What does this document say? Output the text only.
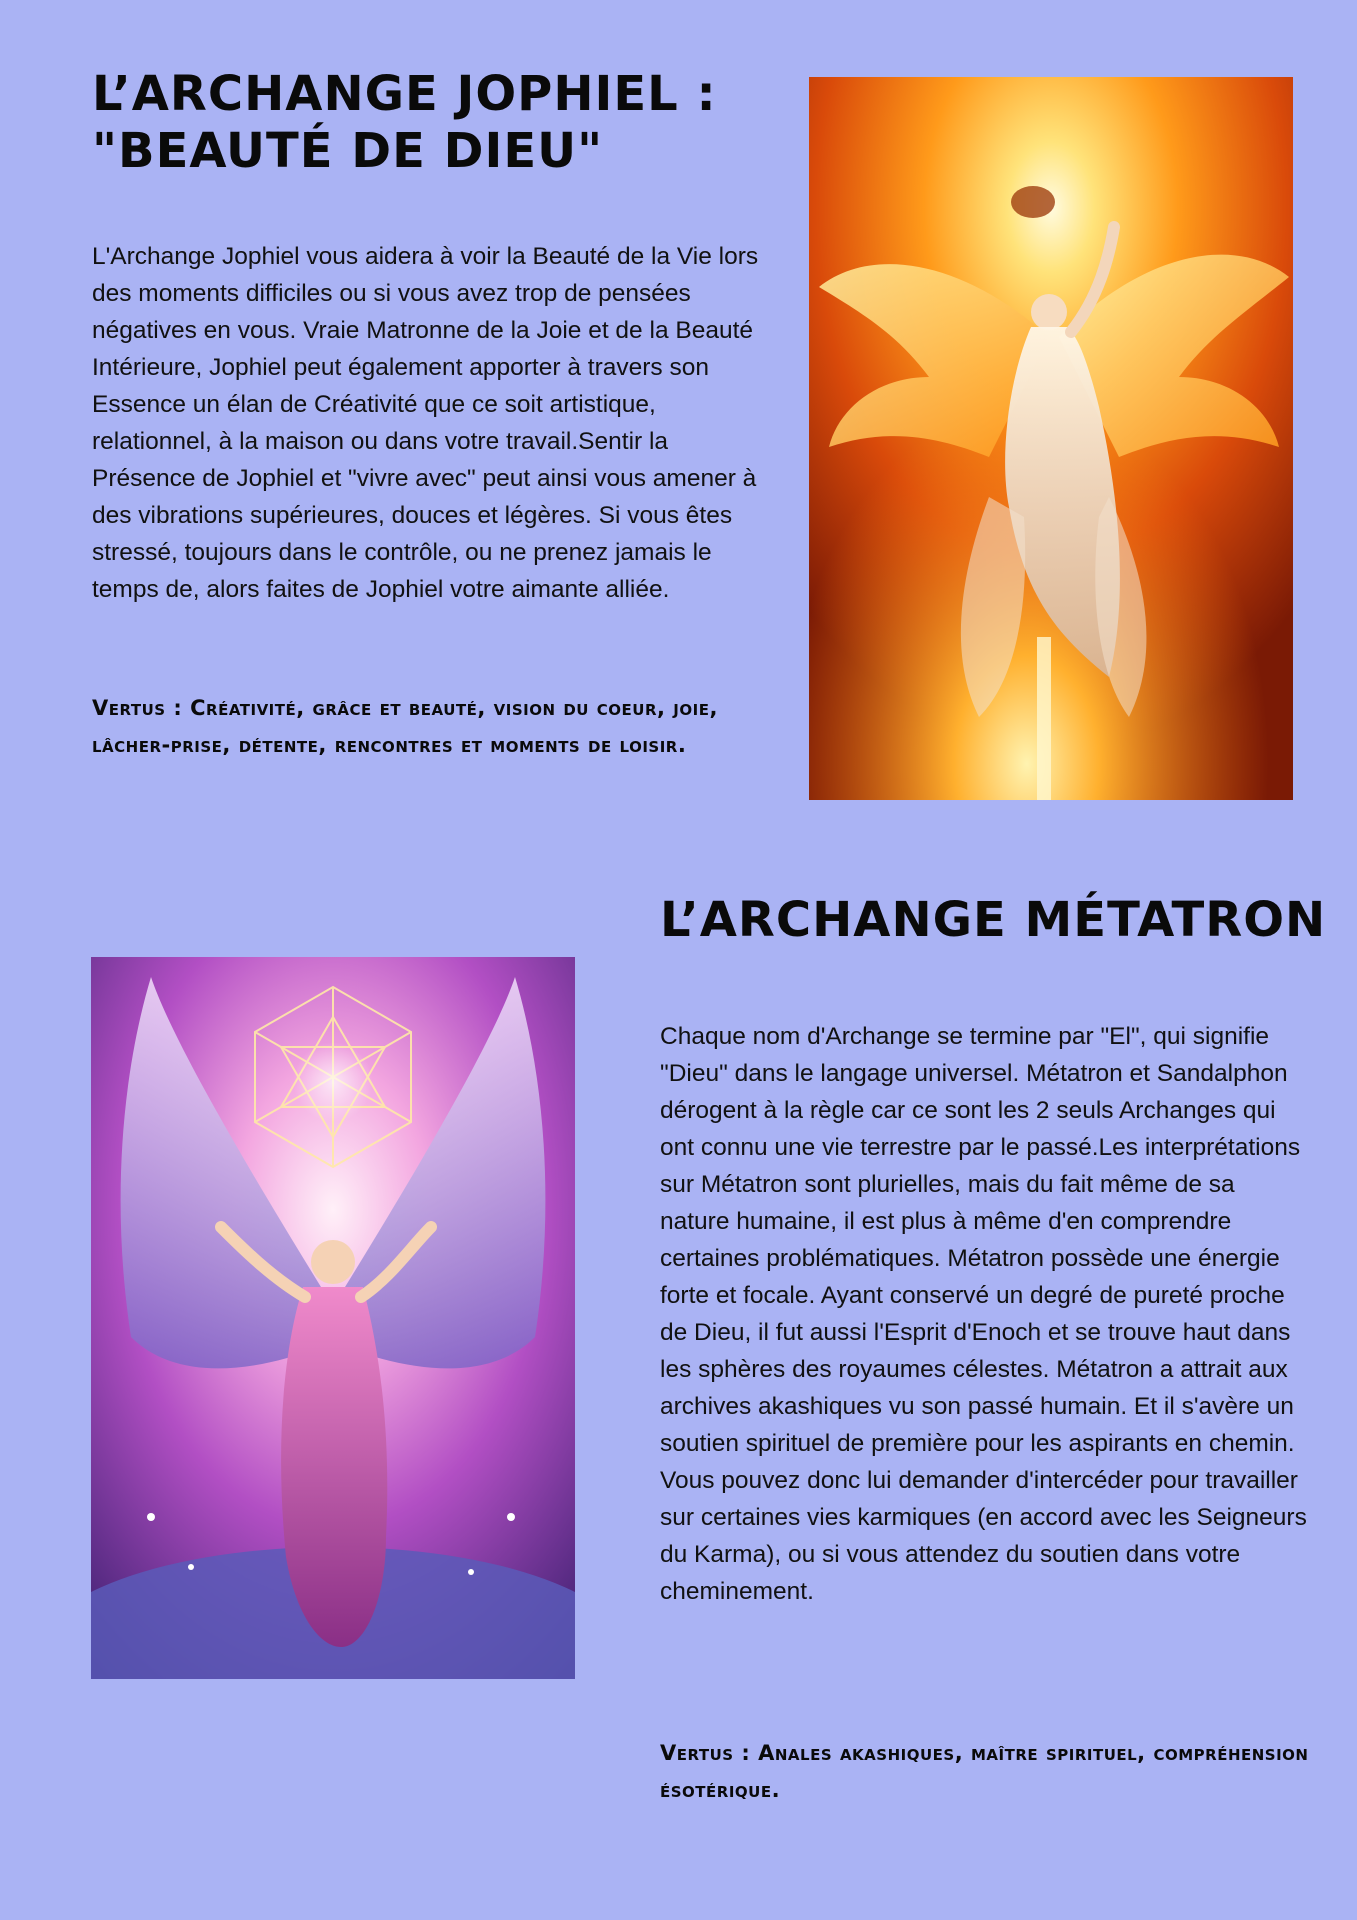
L’ARCHANGE JOPHIEL :
"BEAUTÉ DE DIEU"

L'Archange Jophiel vous aidera à voir la Beauté de la Vie lors des moments difficiles ou si vous avez trop de pensées négatives en vous. Vraie Matronne de la Joie et de la Beauté Intérieure, Jophiel peut également apporter à travers son Essence un élan de Créativité que ce soit artistique, relationnel, à la maison ou dans votre travail.Sentir la Présence de Jophiel et "vivre avec" peut ainsi vous amener à des vibrations supérieures, douces et légères. Si vous êtes stressé, toujours dans le contrôle, ou ne prenez jamais le temps de, alors faites de Jophiel votre aimante alliée.

Vertus : Créativité, grâce et beauté, vision du coeur, joie, lâcher-prise, détente, rencontres et moments de loisir.

L’ARCHANGE MÉTATRON

Chaque nom d'Archange se termine par "El", qui signifie "Dieu" dans le langage universel. Métatron et Sandalphon dérogent à la règle car ce sont les 2 seuls Archanges qui ont connu une vie terrestre par le passé.Les interprétations sur Métatron sont plurielles, mais du fait même de sa nature humaine, il est plus à même d'en comprendre certaines problématiques. Métatron possède une énergie forte et focale. Ayant conservé un degré de pureté proche de Dieu, il fut aussi l'Esprit d'Enoch et se trouve haut dans les sphères des royaumes célestes. Métatron a attrait aux archives akashiques vu son passé humain. Et il s'avère un soutien spirituel de première pour les aspirants en chemin. Vous pouvez donc lui demander d'intercéder pour travailler sur certaines vies karmiques (en accord avec les Seigneurs du Karma), ou si vous attendez du soutien dans votre cheminement.

Vertus : Anales akashiques, maître spirituel, compréhension ésotérique.
